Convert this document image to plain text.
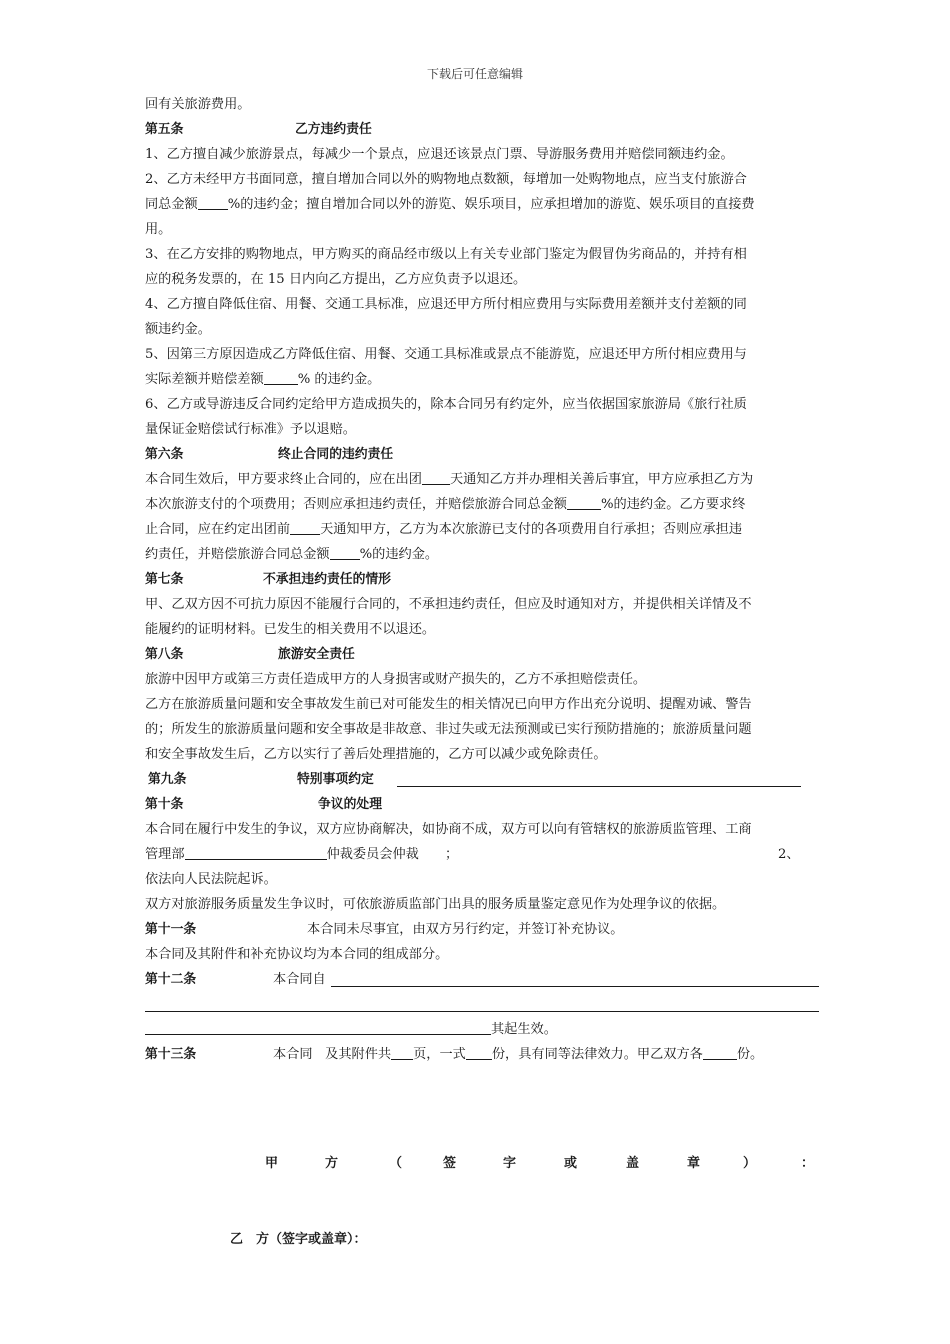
下载后可任意编辑
回有关旅游费用。
第五条	乙方违约责任
1、乙方擅自减少旅游景点，每减少一个景点，应退还该景点门票、导游服务费用并赔偿同额违约金。
2、乙方未经甲方书面同意，擅自增加合同以外的购物地点数额，每增加一处购物地点，应当支付旅游合
同总金额 %的违约金；擅自增加合同以外的游览、娱乐项目，应承担增加的游览、娱乐项目的直接费
用。
3、在乙方安排的购物地点，甲方购买的商品经市级以上有关专业部门鉴定为假冒伪劣商品的，并持有相
应的税务发票的，在 15 日内向乙方提出，乙方应负责予以退还。
4、乙方擅自降低住宿、用餐、交通工具标准，应退还甲方所付相应费用与实际费用差额并支付差额的同
额违约金。
5、因第三方原因造成乙方降低住宿、用餐、交通工具标准或景点不能游览，应退还甲方所付相应费用与
实际差额并赔偿差额	% 的违约金。
6、乙方或导游违反合同约定给甲方造成损失的，除本合同另有约定外，应当依据国家旅游局《旅行社质
量保证金赔偿试行标准》予以退赔。
第六条	终止合同的违约责任
本合同生效后，甲方要求终止合同的，应在出团 天通知乙方并办理相关善后事宜，甲方应承担乙方为
本次旅游支付的个项费用；否则应承担违约责任，并赔偿旅游合同总金额	%的违约金。乙方要求终
止合同，应在约定出团前 天通知甲方，乙方为本次旅游已支付的各项费用自行承担；否则应承担违
约责任，并赔偿旅游合同总金额 %的违约金。
第七条	不承担违约责任的情形
甲、乙双方因不可抗力原因不能履行合同的，不承担违约责任，但应及时通知对方，并提供相关详情及不
能履约的证明材料。已发生的相关费用不以退还。
第八条	旅游安全责任
旅游中因甲方或第三方责任造成甲方的人身损害或财产损失的，乙方不承担赔偿责任。
乙方在旅游质量问题和安全事故发生前已对可能发生的相关情况已向甲方作出充分说明、提醒劝诫、警告
的；所发生的旅游质量问题和安全事故是非故意、非过失或无法预测或已实行预防措施的；旅游质量问题
和安全事故发生后，乙方以实行了善后处理措施的，乙方可以减少或免除责任。
第九条	特别事项约定
第十条	争议的处理
本合同在履行中发生的争议，双方应协商解决，如协商不成，双方可以向有管辖权的旅游质监管理、工商
管理部	仲裁委员会仲裁 ；	2、
依法向人民法院起诉。
双方对旅游服务质量发生争议时，可依旅游质监部门出具的服务质量鉴定意见作为处理争议的依据。
第十一条	本合同未尽事宜，由双方另行约定，并签订补充协议。
本合同及其附件和补充协议均为本合同的组成部分。
第十二条	本合同自
其起生效。
第十三条	本合同 及其附件共 页，一式 份，具有同等法律效力。甲乙双方各	份。
甲	方	（	签	字	或	盖	章	）	：
乙　方（签字或盖章）：
